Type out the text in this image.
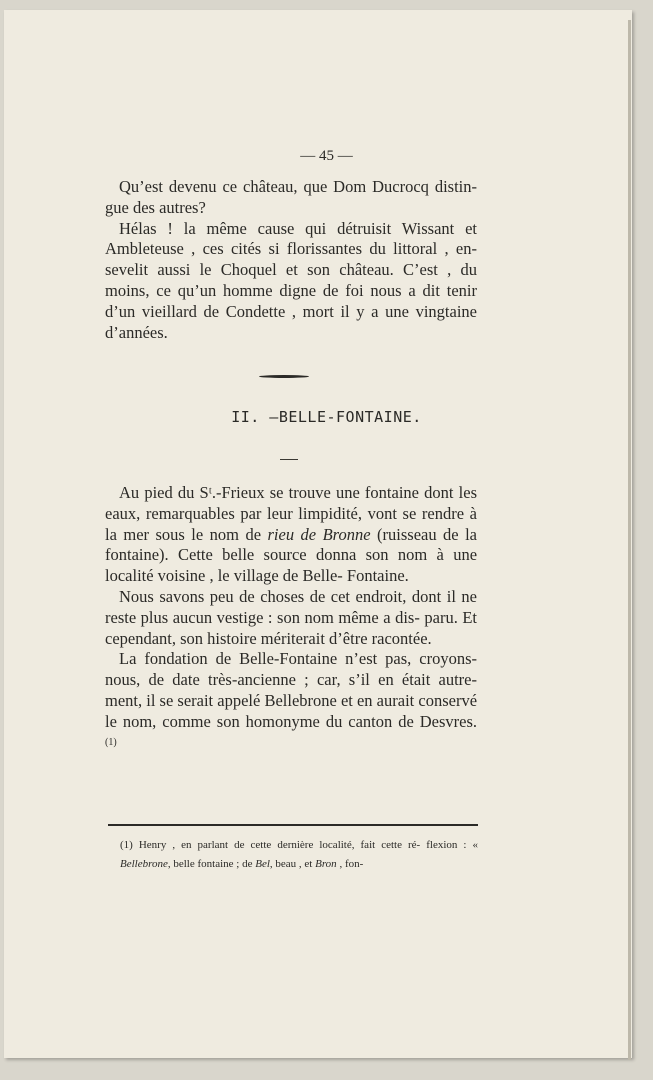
— 45 —

Qu’est devenu ce château, que Dom Ducrocq distin- gue des autres?

Hélas ! la même cause qui détruisit Wissant et Ambleteuse , ces cités si florissantes du littoral , en- sevelit aussi le Choquel et son château. C’est , du moins, ce qu’un homme digne de foi nous a dit tenir d’un vieillard de Condette , mort il y a une vingtaine d’années.

II. —BELLE-FONTAINE.

Au pied du Sᵗ.-Frieux se trouve une fontaine dont les eaux, remarquables par leur limpidité, vont se rendre à la mer sous le nom de rieu de Bronne (ruisseau de la fontaine). Cette belle source donna son nom à une localité voisine , le village de Belle- Fontaine.

Nous savons peu de choses de cet endroit, dont il ne reste plus aucun vestige : son nom même a dis- paru. Et cependant, son histoire mériterait d’être racontée.

La fondation de Belle-Fontaine n’est pas, croyons- nous, de date très-ancienne ; car, s’il en était autre- ment, il se serait appelé Bellebrone et en aurait conservé le nom, comme son homonyme du canton de Desvres. $^{(1)}$

(1) Henry , en parlant de cette dernière localité, fait cette ré- flexion : « Bellebrone, belle fontaine ; de Bel, beau , et Bron , fon-
